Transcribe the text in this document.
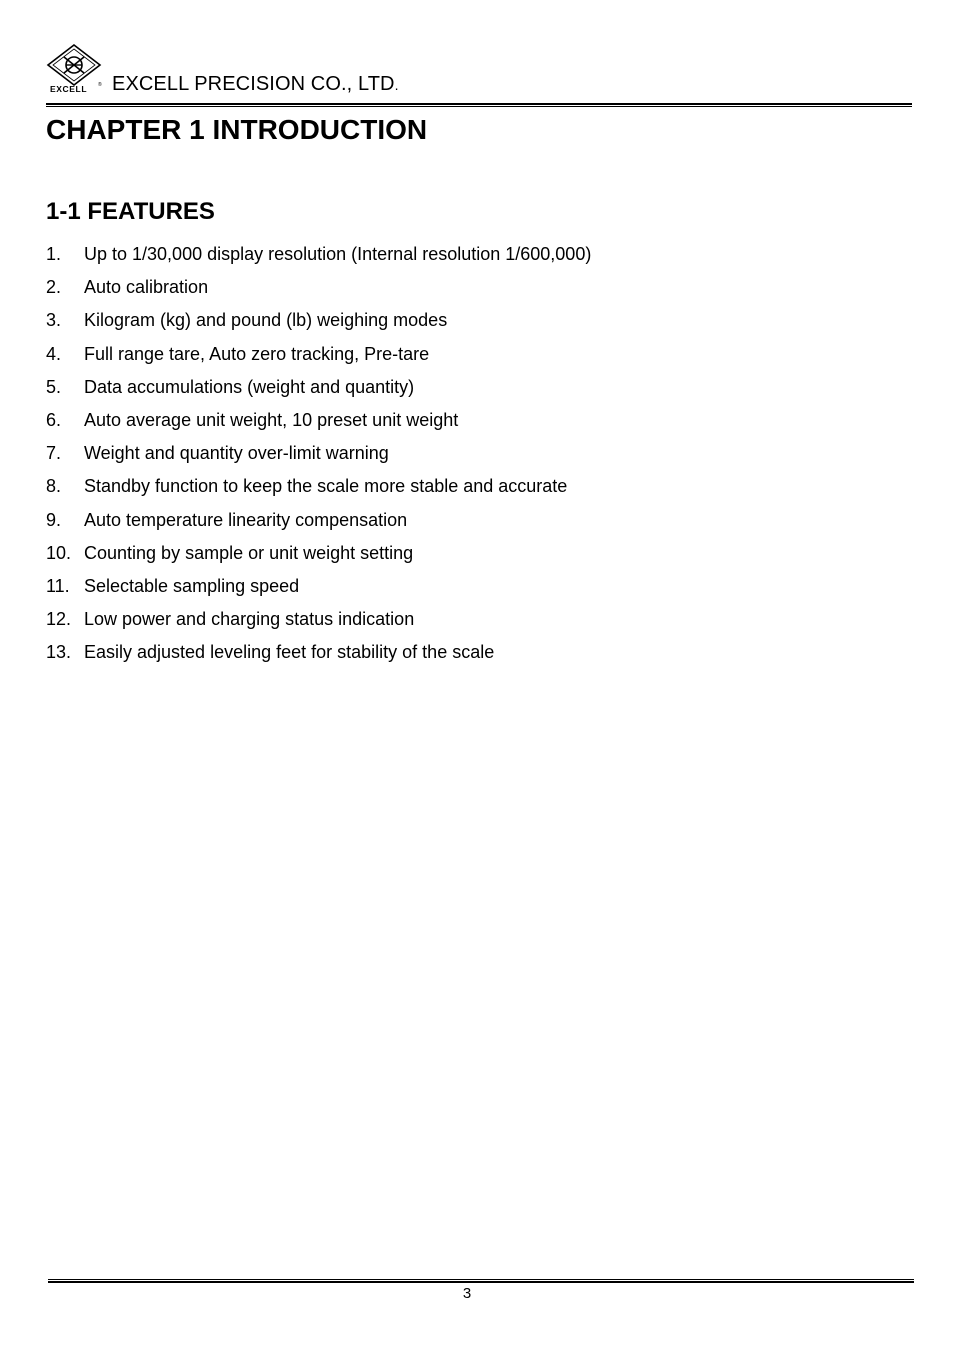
EXCELL ® EXCELL PRECISION CO., LTD.
CHAPTER 1 INTRODUCTION
1-1 FEATURES
1. Up to 1/30,000 display resolution (Internal resolution 1/600,000)
2. Auto calibration
3. Kilogram (kg) and pound (lb) weighing modes
4. Full range tare, Auto zero tracking, Pre-tare
5. Data accumulations (weight and quantity)
6. Auto average unit weight, 10 preset unit weight
7. Weight and quantity over-limit warning
8. Standby function to keep the scale more stable and accurate
9. Auto temperature linearity compensation
10. Counting by sample or unit weight setting
11. Selectable sampling speed
12. Low power and charging status indication
13. Easily adjusted leveling feet for stability of the scale
3
